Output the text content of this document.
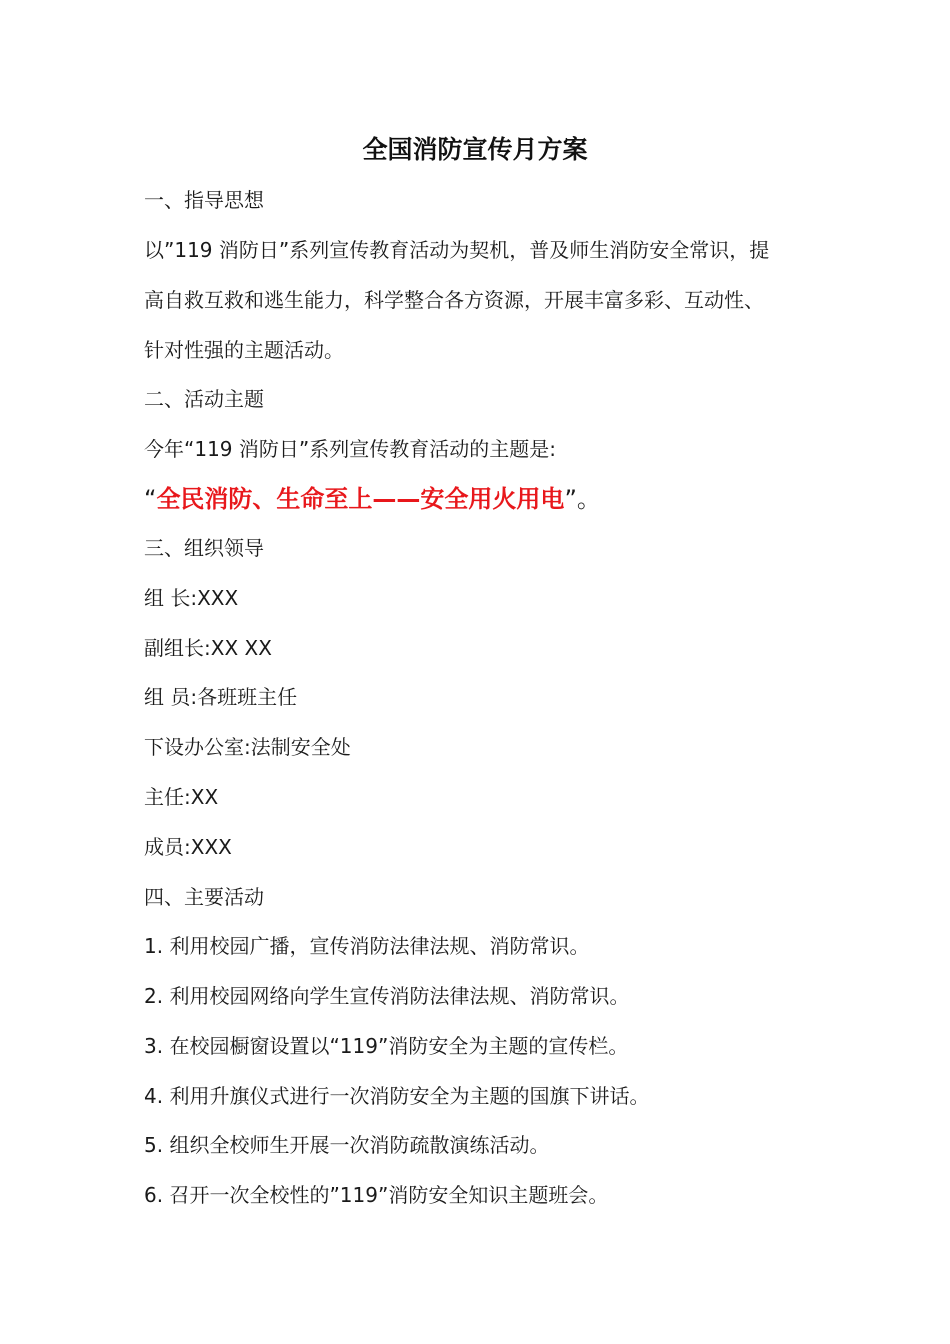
全国消防宣传月方案
一、指导思想
以”119 消防日”系列宣传教育活动为契机，普及师生消防安全常识，提
高自救互救和逃生能力，科学整合各方资源，开展丰富多彩、互动性、
针对性强的主题活动。
二、活动主题
今年“119 消防日”系列宣传教育活动的主题是:
“全民消防、生命至上——安全用火用电”。
三、组织领导
组 长:XXX
副组长:XX XX
组 员:各班班主任
下设办公室:法制安全处
主任:XX
成员:XXX
四、主要活动
1. 利用校园广播，宣传消防法律法规、消防常识。
2. 利用校园网络向学生宣传消防法律法规、消防常识。
3. 在校园橱窗设置以“119”消防安全为主题的宣传栏。
4. 利用升旗仪式进行一次消防安全为主题的国旗下讲话。
5. 组织全校师生开展一次消防疏散演练活动。
6. 召开一次全校性的”119”消防安全知识主题班会。
